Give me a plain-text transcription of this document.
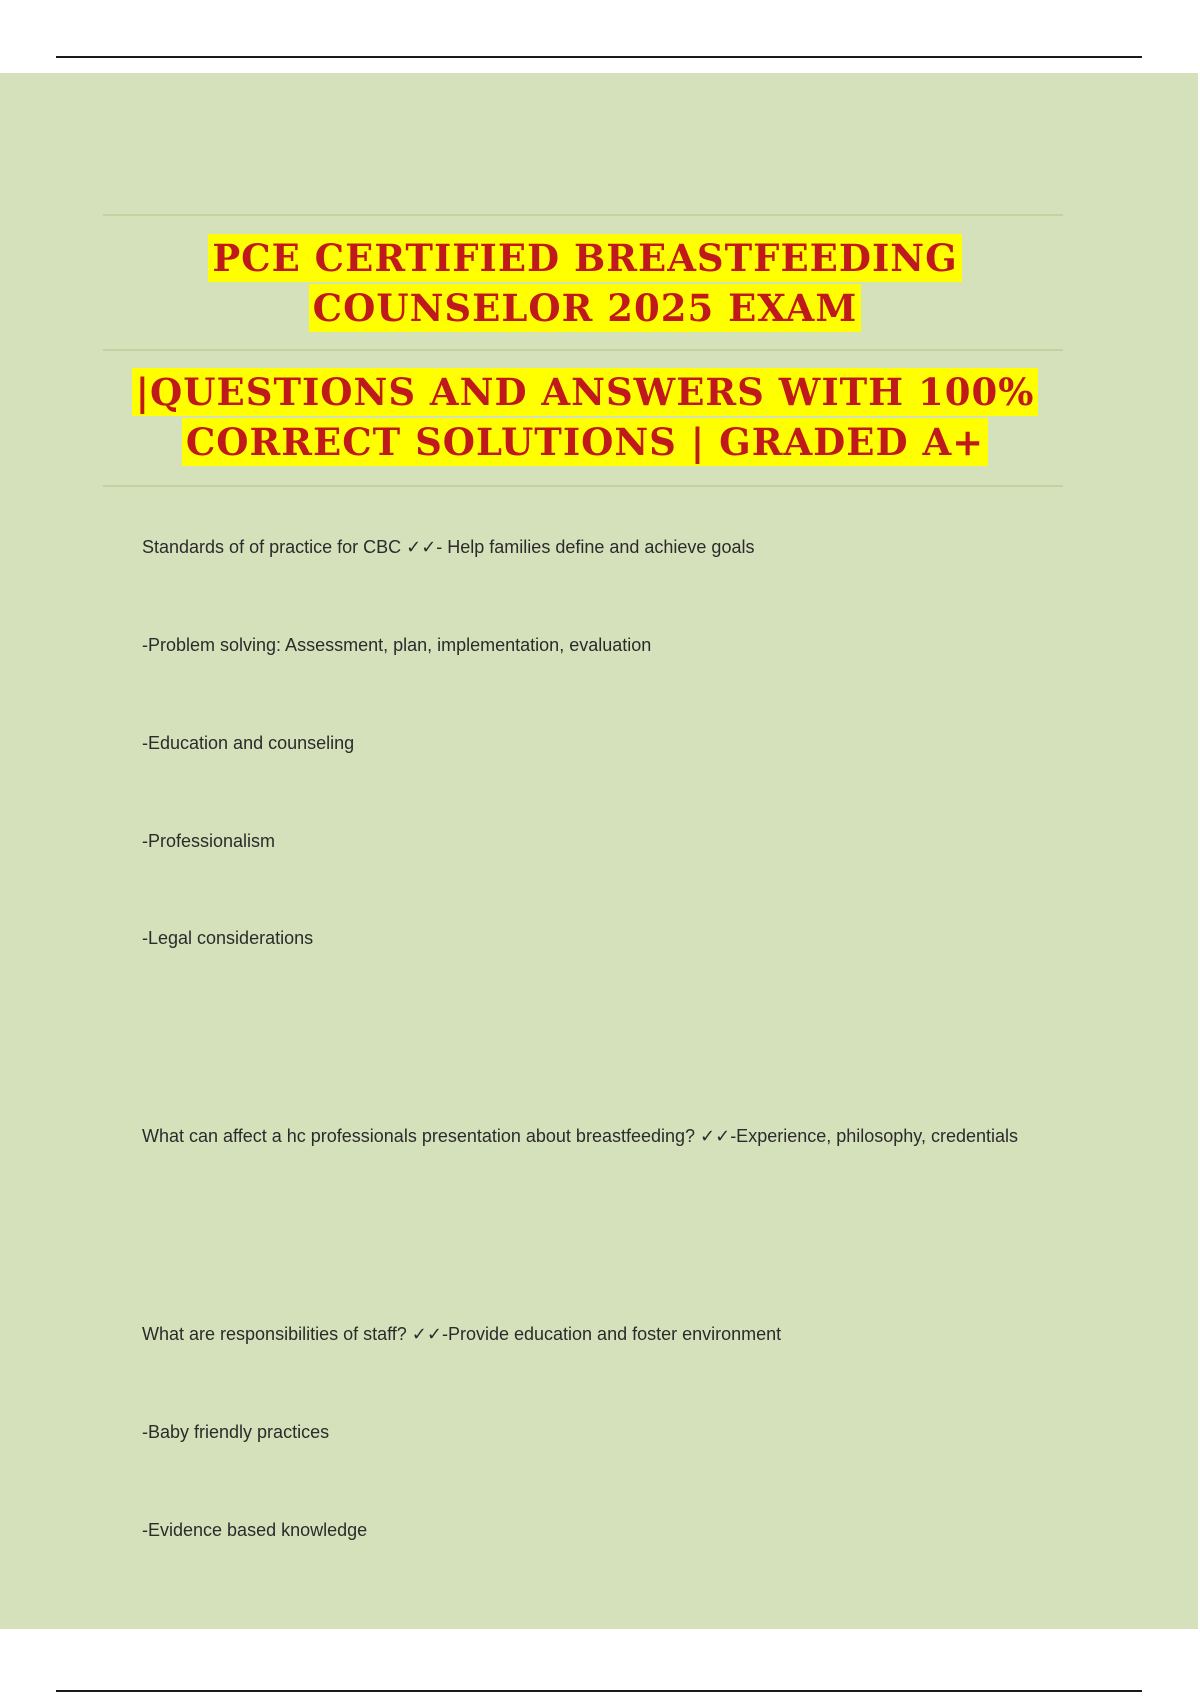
PCE CERTIFIED BREASTFEEDING
COUNSELOR 2025 EXAM
|QUESTIONS AND ANSWERS WITH 100%
CORRECT SOLUTIONS | GRADED A+
Standards of of practice for CBC ✓✓- Help families define and achieve goals
-Problem solving: Assessment, plan, implementation, evaluation
-Education and counseling
-Professionalism
-Legal considerations
What can affect a hc professionals presentation about breastfeeding? ✓✓-Experience, philosophy, credentials
What are responsibilities of staff? ✓✓-Provide education and foster environment
-Baby friendly practices
-Evidence based knowledge
